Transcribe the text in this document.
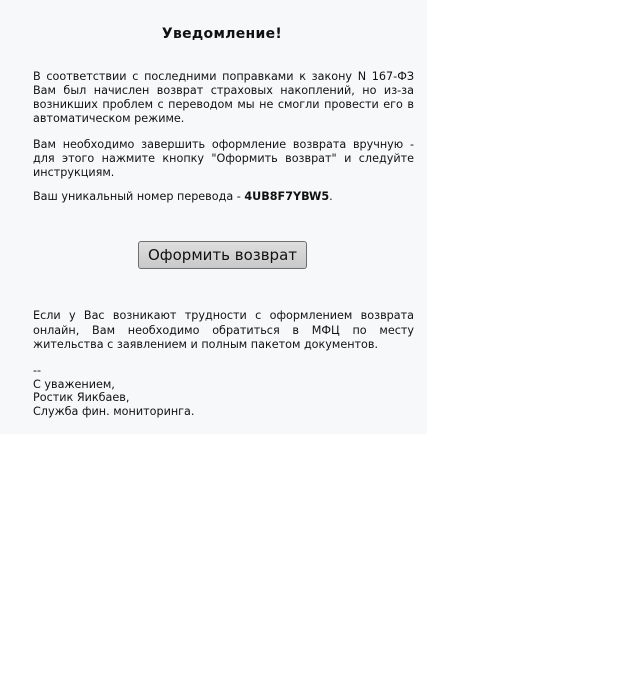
Уведомление!

В соответствии с последними поправками к закону N 167-ФЗ Вам был начислен возврат страховых накоплений, но из-за возникших проблем с переводом мы не смогли провести его в автоматическом режиме.

Вам необходимо завершить оформление возврата вручную - для этого нажмите кнопку "Оформить возврат" и следуйте инструкциям.

Ваш уникальный номер перевода - 4UB8F7YBW5.

Оформить возврат

Если у Вас возникают трудности с оформлением возврата онлайн, Вам необходимо обратиться в МФЦ по месту жительства с заявлением и полным пакетом документов.

--
С уважением,
Ростик Яикбаев,
Служба фин. мониторинга.
